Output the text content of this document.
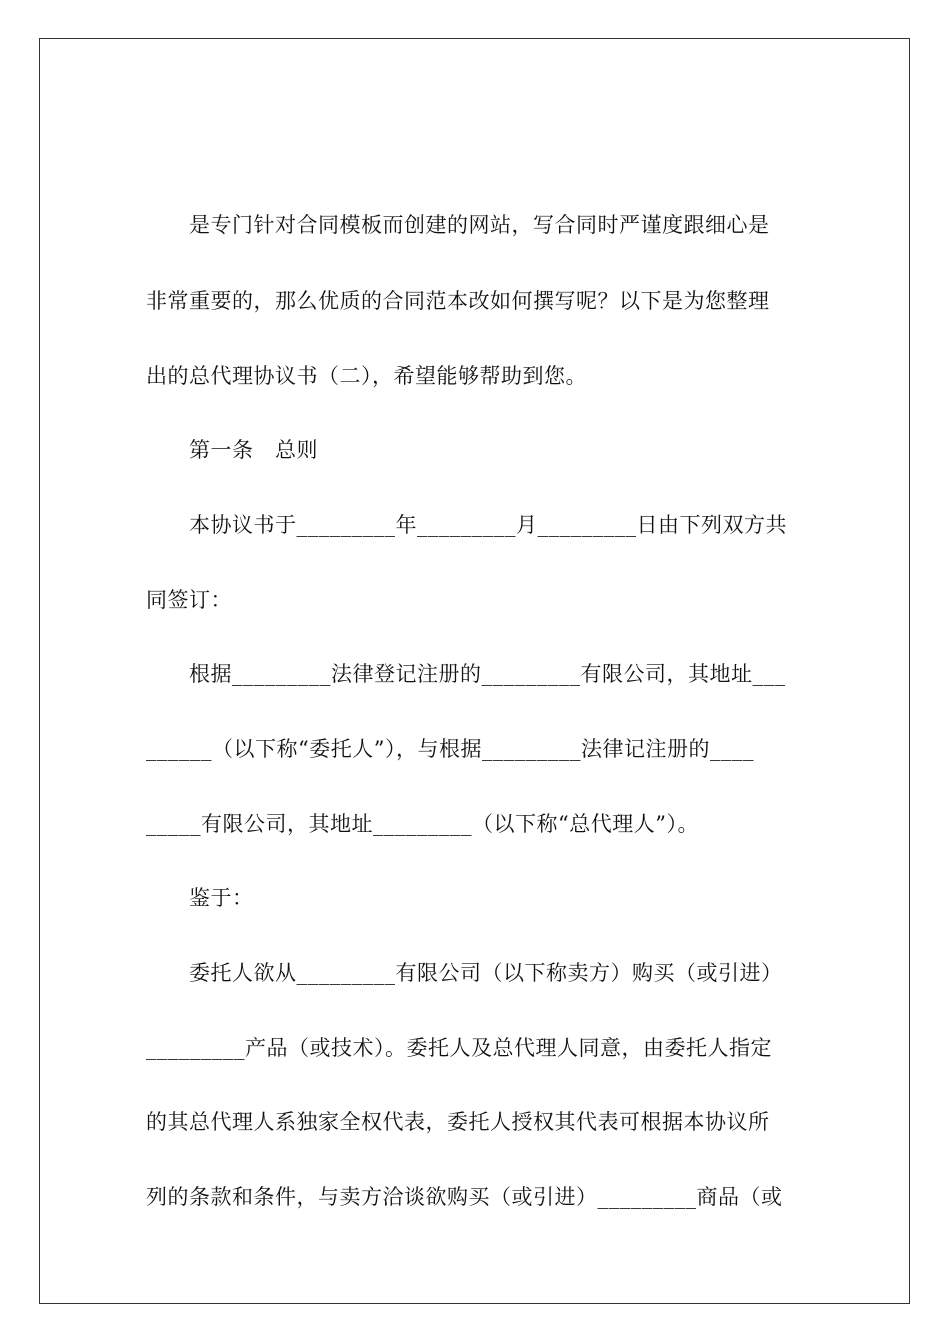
　　是专门针对合同模板而创建的网站，写合同时严谨度跟细心是
非常重要的，那么优质的合同范本改如何撰写呢？以下是为您整理
出的总代理协议书（二），希望能够帮助到您。
　　第一条　总则
　　本协议书于_________年_________月_________日由下列双方共
同签订：
　　根据_________法律登记注册的_________有限公司，其地址___
______（以下称“委托人”），与根据_________法律记注册的____
_____有限公司，其地址_________（以下称“总代理人”）。
　　鉴于：
　　委托人欲从_________有限公司（以下称卖方）购买（或引进）
_________产品（或技术）。委托人及总代理人同意，由委托人指定
的其总代理人系独家全权代表，委托人授权其代表可根据本协议所
列的条款和条件，与卖方洽谈欲购买（或引进）_________商品（或
